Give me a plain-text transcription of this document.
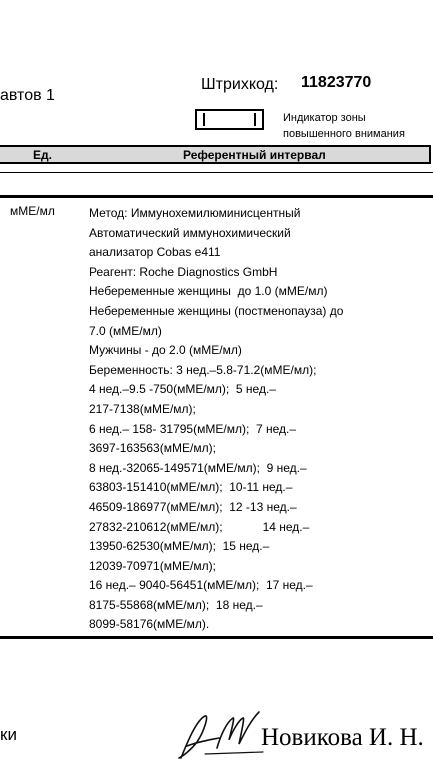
автов 1
Штрихкод: 11823770
Индикатор зоны повышенного внимания
Ед.	Референтный интервал
мМЕ/мл	Метод: Иммунохемилюминисцентный
Автоматический иммунохимический
анализатор Cobas e411
Реагент: Roche Diagnostics GmbH
Небеременные женщины  до 1.0 (мМЕ/мл)
Небеременные женщины (постменопауза) до
7.0 (мМЕ/мл)
Мужчины - до 2.0 (мМЕ/мл)
Беременность: 3 нед.–5.8-71.2(мМЕ/мл);
4 нед.–9.5 -750(мМЕ/мл);  5 нед.–
217-7138(мМЕ/мл);
6 нед.– 158- 31795(мМЕ/мл);  7 нед.–
3697-163563(мМЕ/мл);
8 нед.-32065-149571(мМЕ/мл);  9 нед.–
63803-151410(мМЕ/мл);  10-11 нед.–
46509-186977(мМЕ/мл);  12 -13 нед.–
27832-210612(мМЕ/мл);            14 нед.–
13950-62530(мМЕ/мл);  15 нед.–
12039-70971(мМЕ/мл);
16 нед.– 9040-56451(мМЕ/мл);  17 нед.–
8175-55868(мМЕ/мл);  18 нед.–
8099-58176(мМЕ/мл).
ки	Новикова И. Н.
